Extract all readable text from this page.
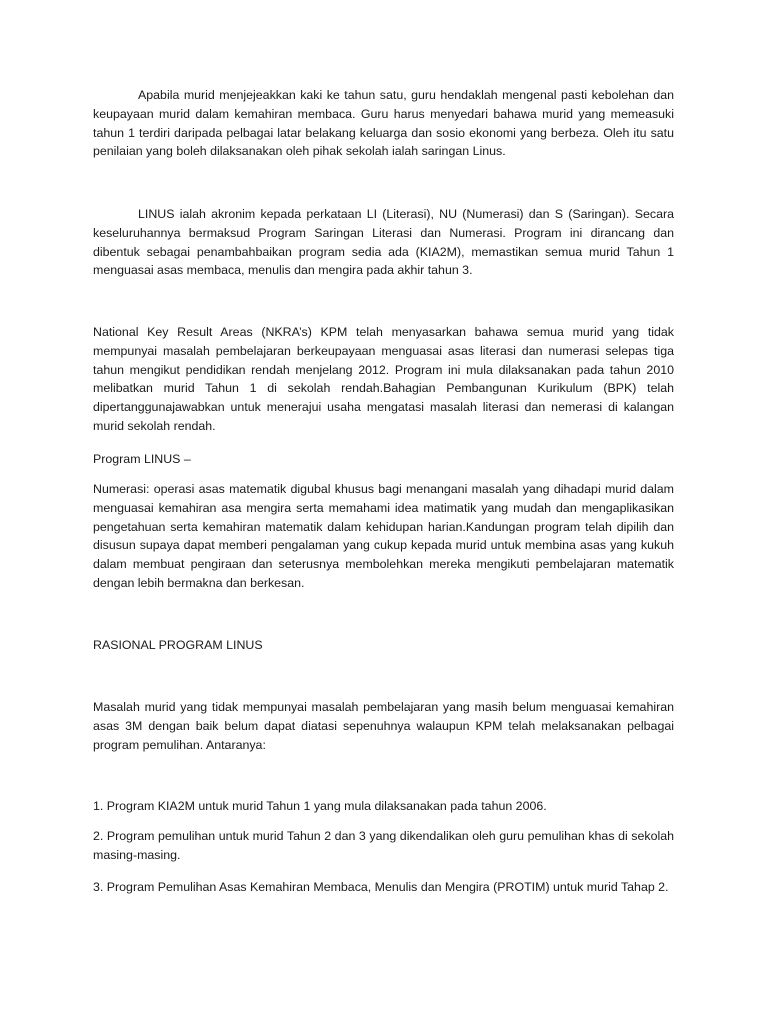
Apabila murid menjejeakkan kaki ke tahun satu, guru hendaklah mengenal pasti kebolehan dan keupayaan murid dalam kemahiran membaca. Guru harus menyedari bahawa murid yang memeasuki tahun 1 terdiri daripada pelbagai latar belakang keluarga dan sosio ekonomi yang berbeza. Oleh itu satu penilaian yang boleh dilaksanakan oleh pihak sekolah ialah saringan Linus.

LINUS ialah akronim kepada perkataan LI (Literasi), NU (Numerasi) dan S (Saringan). Secara keseluruhannya bermaksud Program Saringan Literasi dan Numerasi. Program ini dirancang dan dibentuk sebagai penambahbaikan program sedia ada (KIA2M), memastikan semua murid Tahun 1 menguasai asas membaca, menulis dan mengira pada akhir tahun 3.

National Key Result Areas (NKRA’s) KPM telah menyasarkan bahawa semua murid yang tidak mempunyai masalah pembelajaran berkeupayaan menguasai asas literasi dan numerasi selepas tiga tahun mengikut pendidikan rendah menjelang 2012. Program ini mula dilaksanakan pada tahun 2010 melibatkan murid Tahun 1 di sekolah rendah.Bahagian Pembangunan Kurikulum (BPK) telah dipertanggunajawabkan untuk menerajui usaha mengatasi masalah literasi dan nemerasi di kalangan murid sekolah rendah.

Program LINUS –

Numerasi: operasi asas matematik digubal khusus bagi menangani masalah yang dihadapi murid dalam menguasai kemahiran asa mengira serta memahami idea matimatik yang mudah dan mengaplikasikan pengetahuan serta kemahiran matematik dalam kehidupan harian.Kandungan program telah dipilih dan disusun supaya dapat memberi pengalaman yang cukup kepada murid untuk membina asas yang kukuh dalam membuat pengiraan dan seterusnya membolehkan mereka mengikuti pembelajaran matematik dengan lebih bermakna dan berkesan.

RASIONAL PROGRAM LINUS

Masalah murid yang tidak mempunyai masalah pembelajaran yang masih belum menguasai kemahiran asas 3M dengan baik belum dapat diatasi sepenuhnya walaupun KPM telah melaksanakan pelbagai program pemulihan. Antaranya:

1. Program KIA2M untuk murid Tahun 1 yang mula dilaksanakan pada tahun 2006.

2. Program pemulihan untuk murid Tahun 2 dan 3 yang dikendalikan oleh guru pemulihan khas di sekolah masing-masing.

3. Program Pemulihan Asas Kemahiran Membaca, Menulis dan Mengira (PROTIM) untuk murid Tahap 2.
